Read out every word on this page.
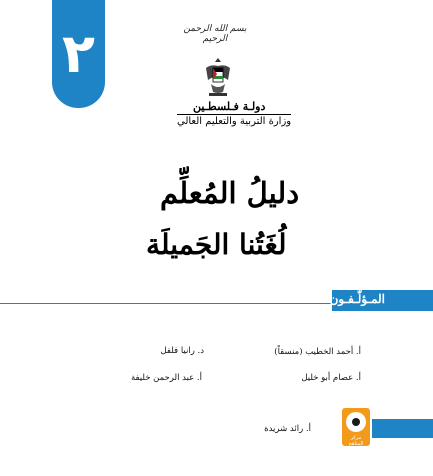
٢	بسم الله الرحمن الرحيم
دولـة فـلسطـين
وزارة التربية والتعليم العالي
دليلُ المُعلِّم
لُغَتُنا الجَميلَة
المـؤلّـفـون:
أ. أحمد الخطيب (منسقاً)
د. رانيا فلفل
أ. عصام أبو خليل
أ. عبد الرحمن خليفة
أ. رائد شريدة
مركز المناهج
